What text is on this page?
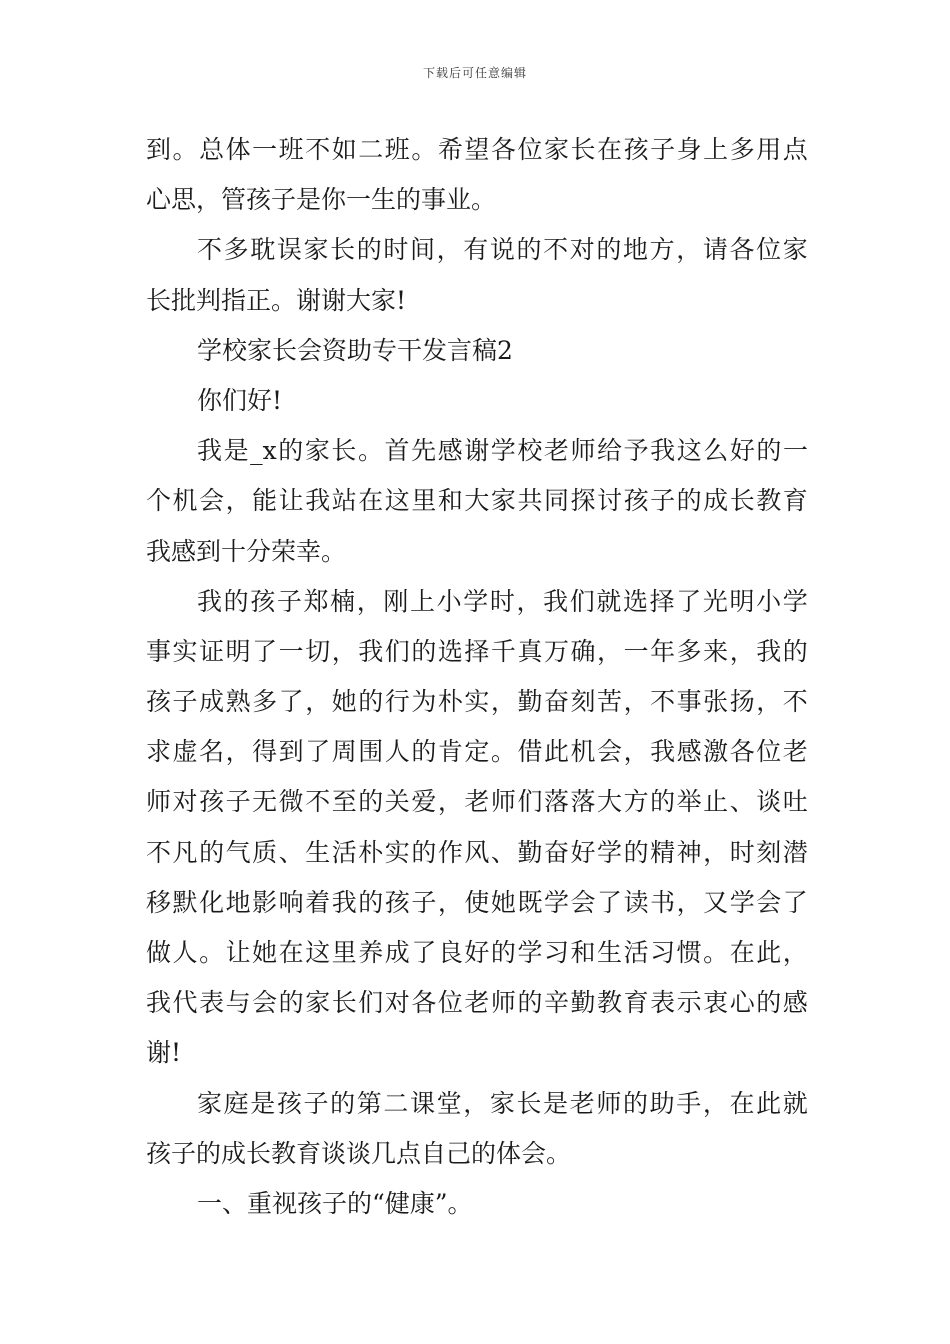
下载后可任意编辑
到 。 总 体 一 班 不 如 二 班 。 希 望 各 位 家 长 在 孩 子 身 上 多 用 点
心思，管孩子是你一生的事业。
不 多 耽 误 家 长 的 时 间 ， 有 说 的 不 对 的 地 方 ， 请 各 位 家
长批判指正。谢谢大家!
学校家长会资助专干发言稿2
你们好!
我 是 _x 的 家 长 。 首 先 感 谢 学 校 老 师 给 予 我 这 么 好 的 一
个 机 会 ， 能 让 我 站 在 这 里 和 大 家 共 同 探 讨 孩 子 的 成 长 教 育
我感到十分荣幸。
我 的 孩 子 郑 楠 ， 刚 上 小 学 时 ， 我 们 就 选 择 了 光 明 小 学
事 实 证 明 了 一 切 ， 我 们 的 选 择 千 真 万 确 ， 一 年 多 来 ， 我 的
孩 子 成 熟 多 了 ， 她 的 行 为 朴 实 ， 勤 奋 刻 苦 ， 不 事 张 扬 ， 不
求 虚 名 ， 得 到 了 周 围 人 的 肯 定 。 借 此 机 会 ， 我 感 激 各 位 老
师 对 孩 子 无 微 不 至 的 关 爱 ， 老 师 们 落 落 大 方 的 举 止 、 谈 吐
不 凡 的 气 质 、 生 活 朴 实 的 作 风 、 勤 奋 好 学 的 精 神 ， 时 刻 潜
移 默 化 地 影 响 着 我 的 孩 子 ， 使 她 既 学 会 了 读 书 ， 又 学 会 了
做 人 。 让 她 在 这 里 养 成 了 良 好 的 学 习 和 生 活 习 惯 。 在 此 ，
我 代 表 与 会 的 家 长 们 对 各 位 老 师 的 辛 勤 教 育 表 示 衷 心 的 感
谢!
家 庭 是 孩 子 的 第 二 课 堂 ， 家 长 是 老 师 的 助 手 ， 在 此 就
孩子的成长教育谈谈几点自己的体会。
一、重视孩子的“健康”。
